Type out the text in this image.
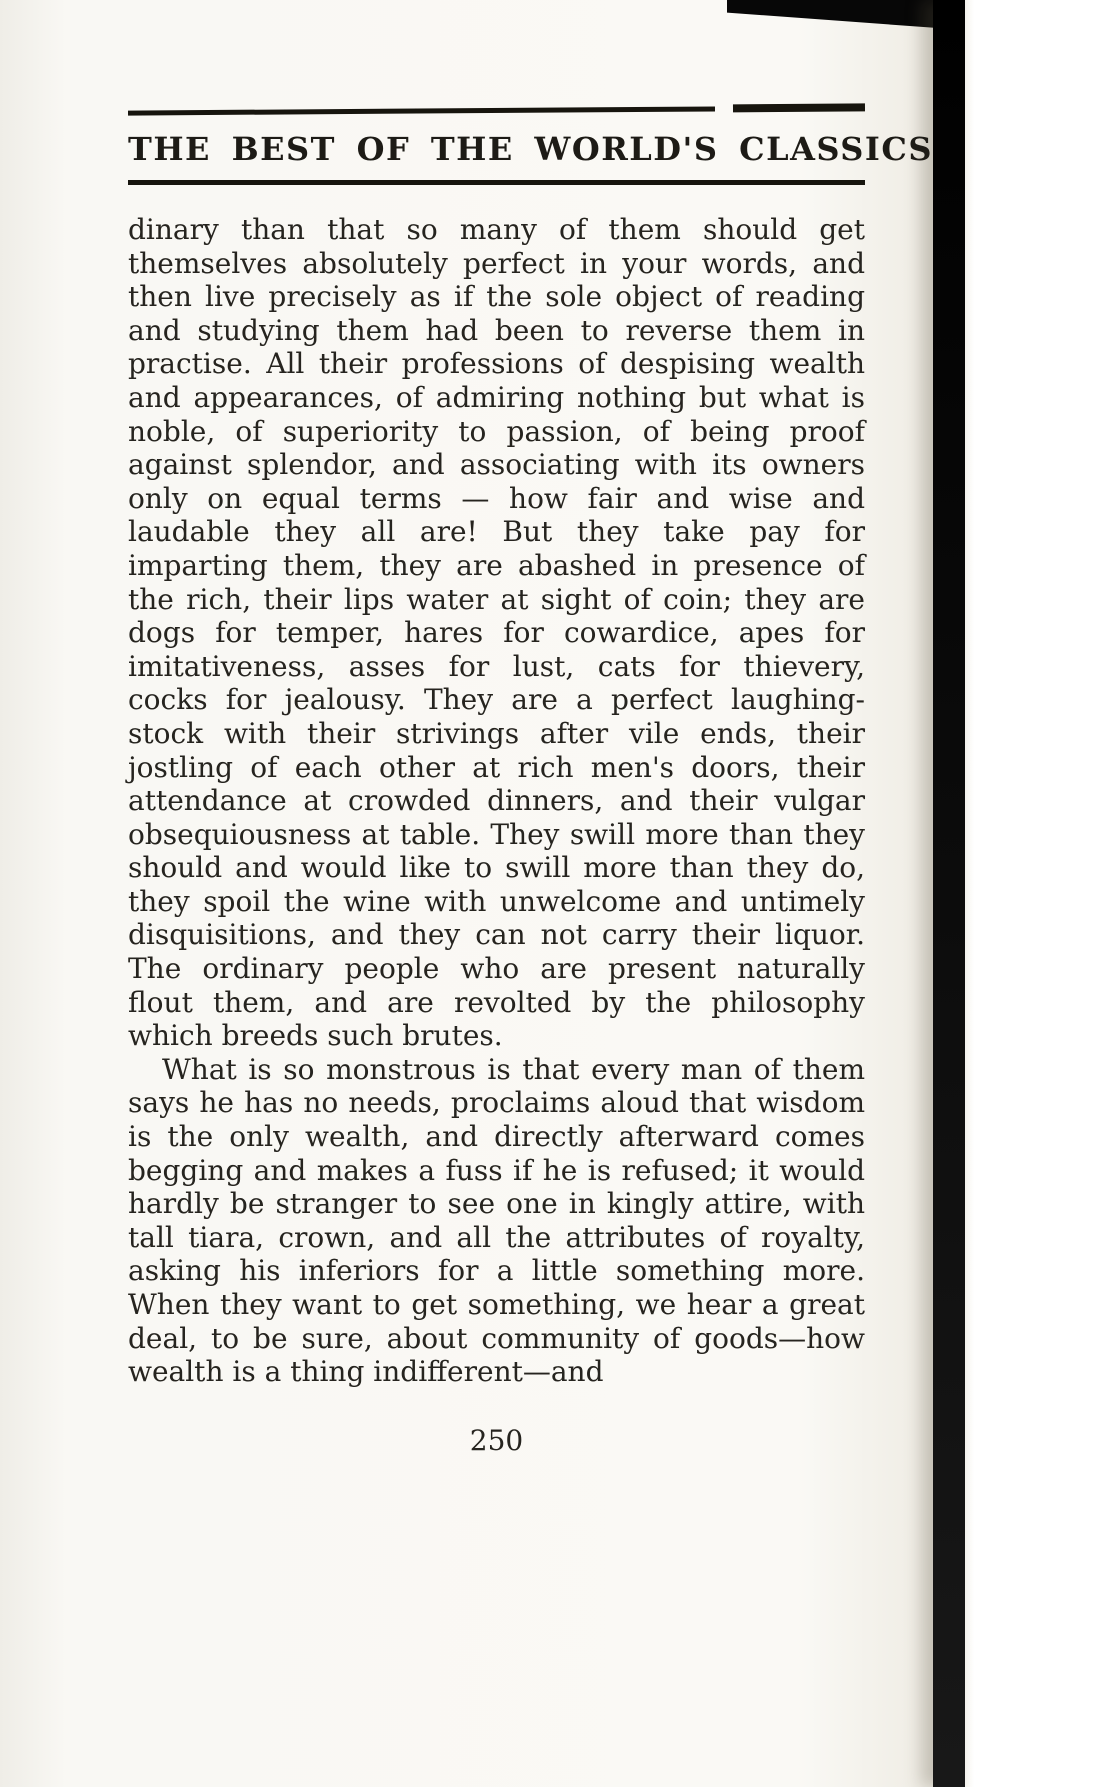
THE BEST OF THE WORLD'S CLASSICS

dinary than that so many of them should get themselves absolutely perfect in your words, and then live precisely as if the sole object of reading and studying them had been to reverse them in practise. All their professions of despising wealth and appearances, of admiring nothing but what is noble, of superiority to passion, of being proof against splendor, and associating with its owners only on equal terms — how fair and wise and laudable they all are! But they take pay for imparting them, they are abashed in presence of the rich, their lips water at sight of coin; they are dogs for temper, hares for cowardice, apes for imitativeness, asses for lust, cats for thievery, cocks for jealousy. They are a perfect laughing-stock with their strivings after vile ends, their jostling of each other at rich men's doors, their attendance at crowded dinners, and their vulgar obsequiousness at table. They swill more than they should and would like to swill more than they do, they spoil the wine with unwelcome and untimely disquisitions, and they can not carry their liquor. The ordinary people who are present naturally flout them, and are revolted by the philosophy which breeds such brutes.

What is so monstrous is that every man of them says he has no needs, proclaims aloud that wisdom is the only wealth, and directly afterward comes begging and makes a fuss if he is refused; it would hardly be stranger to see one in kingly attire, with tall tiara, crown, and all the attributes of royalty, asking his inferiors for a little something more. When they want to get something, we hear a great deal, to be sure, about community of goods—how wealth is a thing indifferent—and

250
